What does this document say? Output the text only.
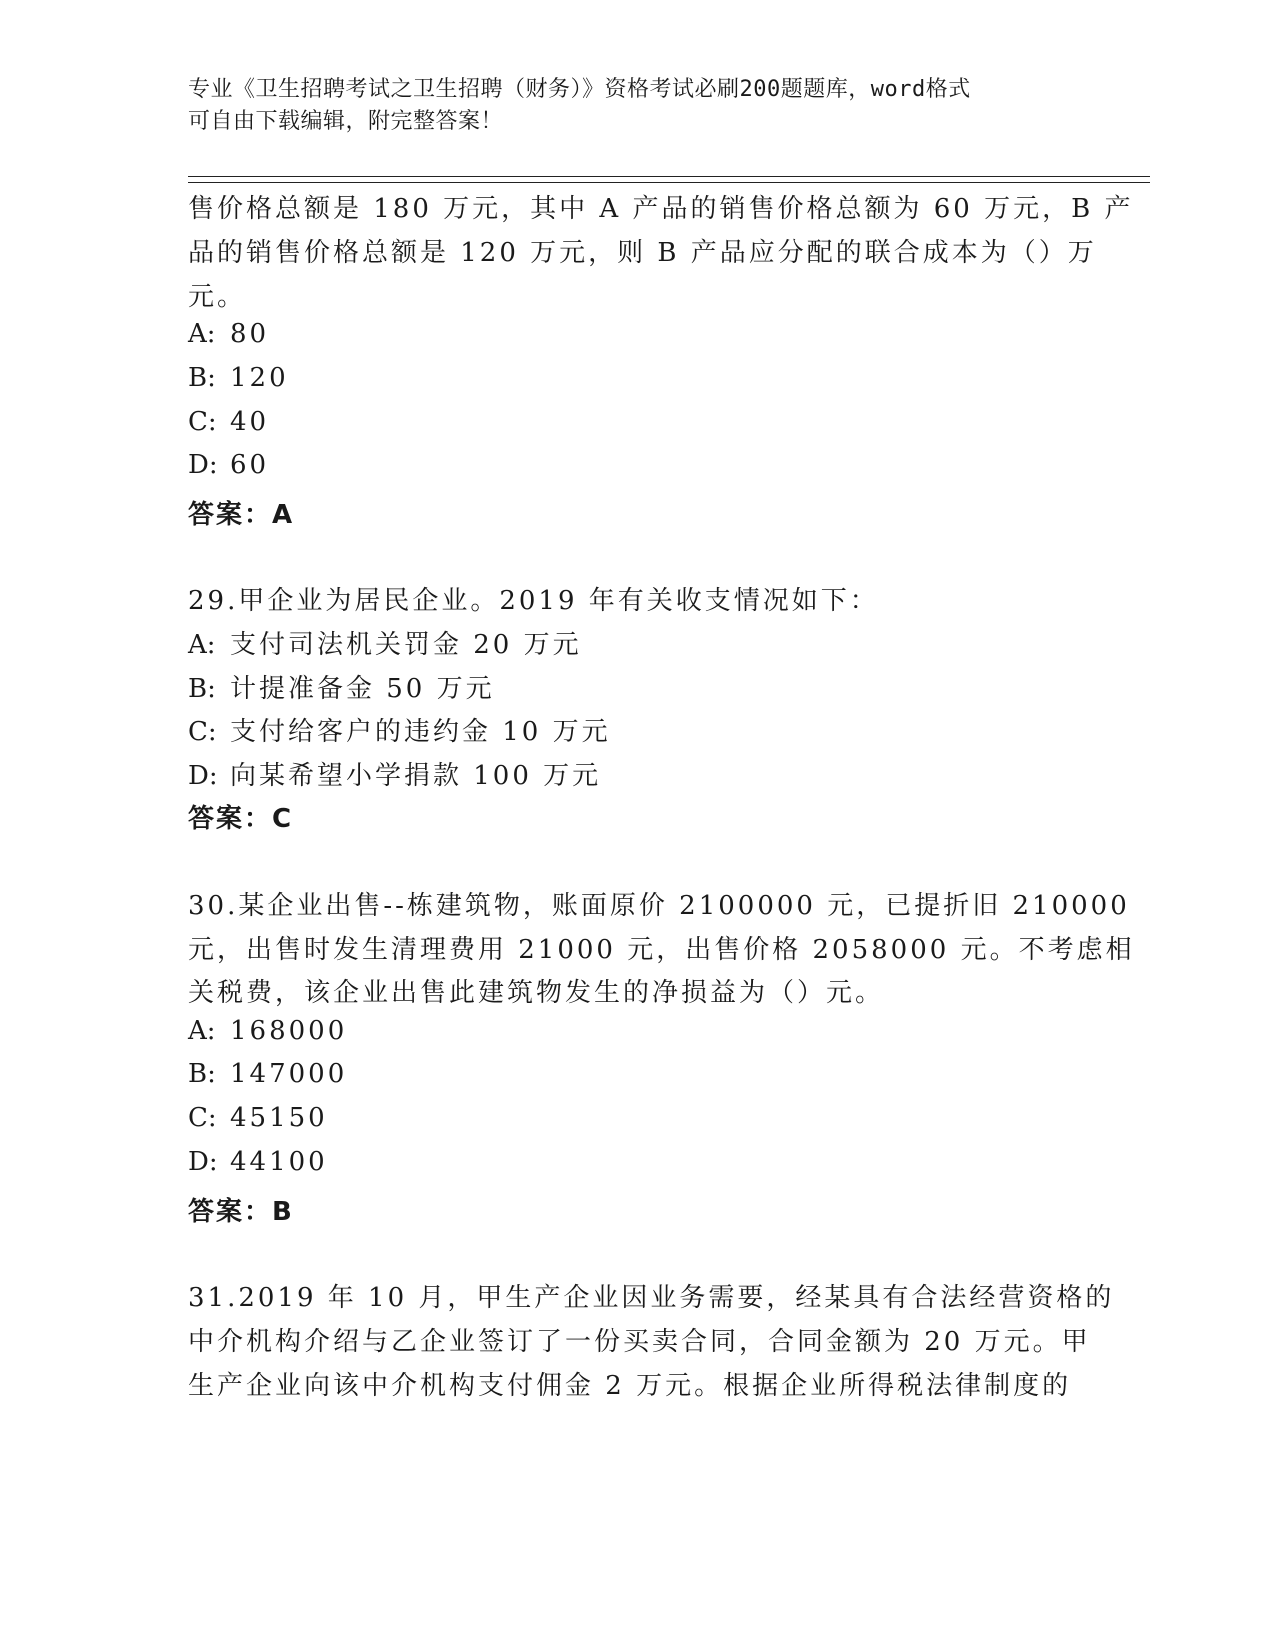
专业《卫生招聘考试之卫生招聘（财务）》资格考试必刷200题题库，word格式
可自由下载编辑，附完整答案！
售价格总额是 180 万元，其中 A 产品的销售价格总额为 60 万元，B 产
品的销售价格总额是 120 万元，则 B 产品应分配的联合成本为（）万
元。
A: 80
B: 120
C: 40
D: 60
答案：A
29.甲企业为居民企业。2019 年有关收支情况如下：
A: 支付司法机关罚金 20 万元
B: 计提准备金 50 万元
C: 支付给客户的违约金 10 万元
D: 向某希望小学捐款 100 万元
答案：C
30.某企业出售--栋建筑物，账面原价 2100000 元，已提折旧 210000
元，出售时发生清理费用 21000 元，出售价格 2058000 元。不考虑相
关税费，该企业出售此建筑物发生的净损益为（）元。
A: 168000
B: 147000
C: 45150
D: 44100
答案：B
31.2019 年 10 月，甲生产企业因业务需要，经某具有合法经营资格的
中介机构介绍与乙企业签订了一份买卖合同，合同金额为 20 万元。甲
生产企业向该中介机构支付佣金 2 万元。根据企业所得税法律制度的
